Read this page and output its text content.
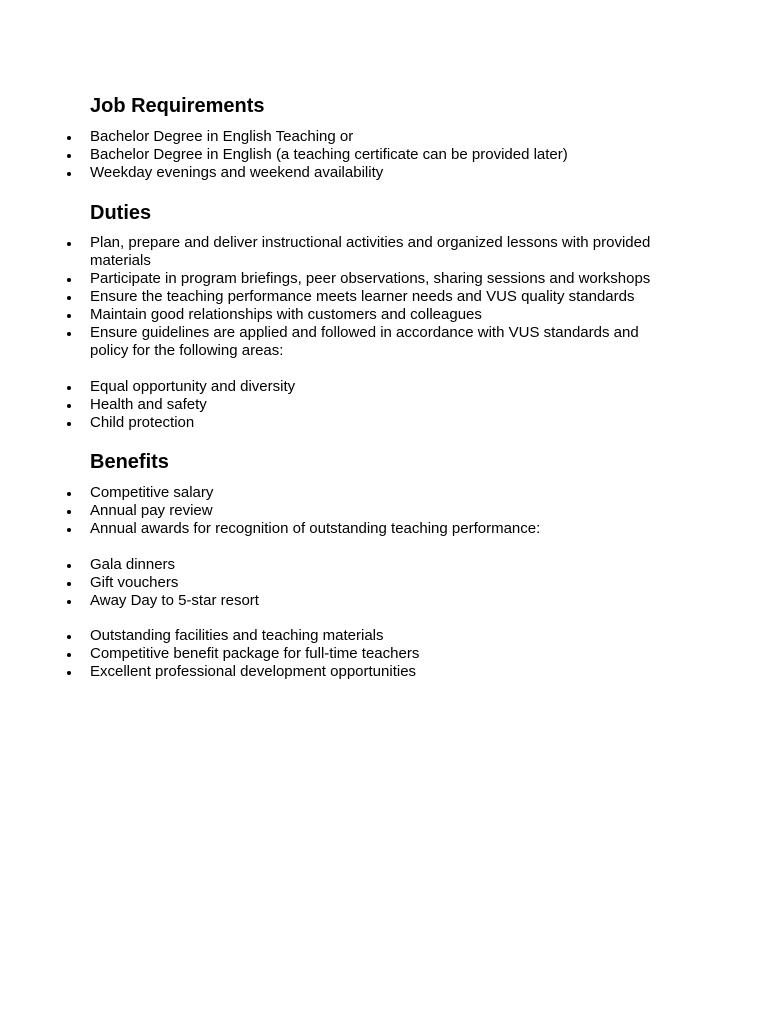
Job Requirements
Bachelor Degree in English Teaching or
Bachelor Degree in English (a teaching certificate can be provided later)
Weekday evenings and weekend availability
Duties
Plan, prepare and deliver instructional activities and organized lessons with provided materials
Participate in program briefings, peer observations, sharing sessions and workshops
Ensure the teaching performance meets learner needs and VUS quality standards
Maintain good relationships with customers and colleagues
Ensure guidelines are applied and followed in accordance with VUS standards and policy for the following areas:
Equal opportunity and diversity
Health and safety
Child protection
Benefits
Competitive salary
Annual pay review
Annual awards for recognition of outstanding teaching performance:
Gala dinners
Gift vouchers
Away Day to 5-star resort
Outstanding facilities and teaching materials
Competitive benefit package for full-time teachers
Excellent professional development opportunities
